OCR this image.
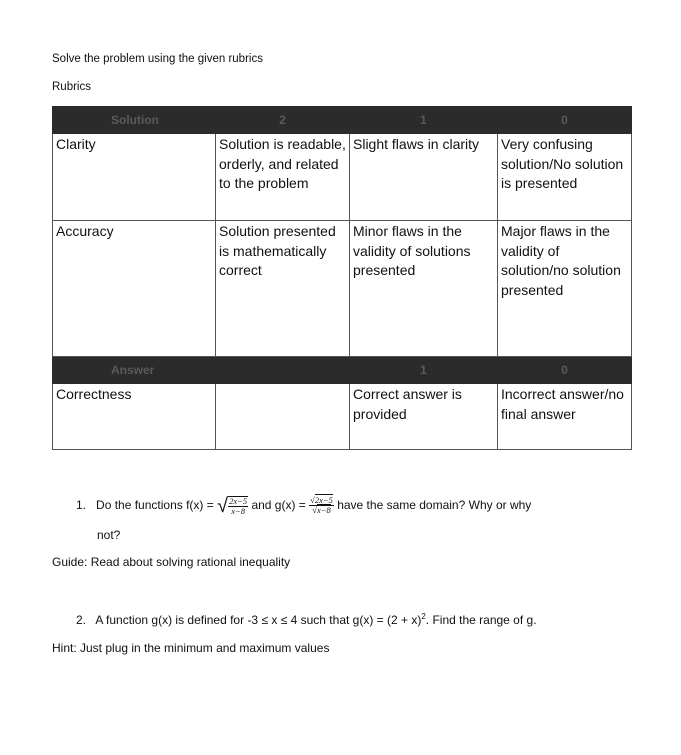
Solve the problem using the given rubrics
Rubrics
Solution	2	1	0
Clarity	Solution is readable, orderly, and related to the problem	Slight flaws in clarity	Very confusing solution/No solution is presented
Accuracy	Solution presented is mathematically correct	Minor flaws in the validity of solutions presented	Major flaws in the validity of solution/no solution presented
Answer		1	0
Correctness		Correct answer is provided	Incorrect answer/no final answer
1. Do the functions f(x) = √ $\frac{2x-5}{x-8}$ and $g(x) = \frac{√2x-5}{√x-8}$ have the same domain? Why or why
not?
Guide: Read about solving rational inequality
2. A function g(x) is defined for -3 ≤ x ≤ 4 such that $g(x) = (2 + x)^2$. Find the range of g.
Hint: Just plug in the minimum and maximum values
